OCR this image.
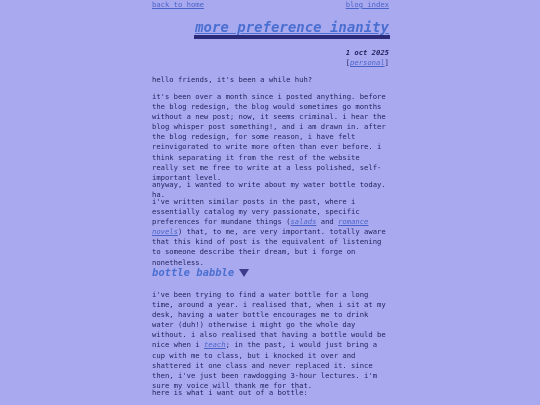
back to home	blog index
more preference inanity
1 oct 2025
[personal]

hello friends, it's been a while huh?

it's been over a month since i posted anything. before the blog redesign, the blog would sometimes go months without a new post; now, it seems criminal. i hear the blog whisper post something!, and i am drawn in. after the blog redesign, for some reason, i have felt reinvigorated to write more often than ever before. i think separating it from the rest of the website really set me free to write at a less polished, self-important level.

anyway, i wanted to write about my water bottle today. ha.

i've written similar posts in the past, where i essentially catalog my very passionate, specific preferences for mundane things (salads and romance novels) that, to me, are very important. totally aware that this kind of post is the equivalent of listening to someone describe their dream, but i forge on nonetheless.

bottle babble

i've been trying to find a water bottle for a long time, around a year. i realised that, when i sit at my desk, having a water bottle encourages me to drink water (duh!) otherwise i might go the whole day without. i also realised that having a bottle would be nice when i teach; in the past, i would just bring a cup with me to class, but i knocked it over and shattered it one class and never replaced it. since then, i've just been rawdogging 3-hour lectures. i'm sure my voice will thank me for that.

here is what i want out of a bottle:
